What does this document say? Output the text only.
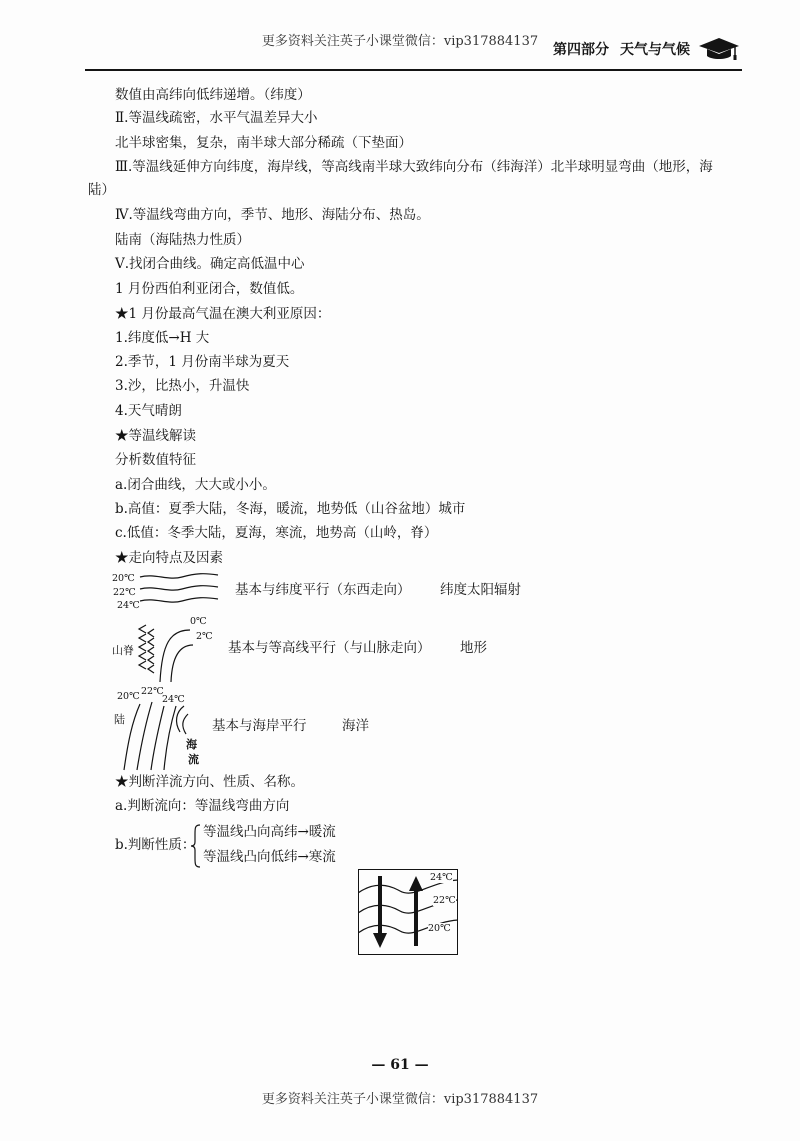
更多资料关注英子小课堂微信：vip317884137
第四部分 天气与气候
数值由高纬向低纬递增。（纬度）
Ⅱ.等温线疏密，水平气温差异大小
北半球密集，复杂，南半球大部分稀疏（下垫面）
Ⅲ.等温线延伸方向纬度，海岸线，等高线南半球大致纬向分布（纬海洋）北半球明显弯曲（地形，海
陆）
Ⅳ.等温线弯曲方向，季节、地形、海陆分布、热岛。
陆南（海陆热力性质）
Ⅴ.找闭合曲线。确定高低温中心
1 月份西伯利亚闭合，数值低。
★1 月份最高气温在澳大利亚原因：
1.纬度低→H 大
2.季节，1 月份南半球为夏天
3.沙，比热小，升温快
4.天气晴朗
★等温线解读
分析数值特征
a.闭合曲线，大大或小小。
b.高值：夏季大陆，冬海，暖流，地势低（山谷盆地）城市
c.低值：冬季大陆，夏海，寒流，地势高（山岭，脊）
★走向特点及因素
20℃
22℃
24℃
基本与纬度平行（东西走向） 纬度太阳辐射
山脊
0℃
2℃
基本与等高线平行（与山脉走向） 地形
20℃ 22℃
24℃
陆
海
流
基本与海岸平行	海洋
★判断洋流方向、性质、名称。
a.判断流向：等温线弯曲方向
b.判断性质：
等温线凸向高纬→暖流
等温线凸向低纬→寒流
24℃
22℃
20℃
— 61 —
更多资料关注英子小课堂微信：vip317884137
